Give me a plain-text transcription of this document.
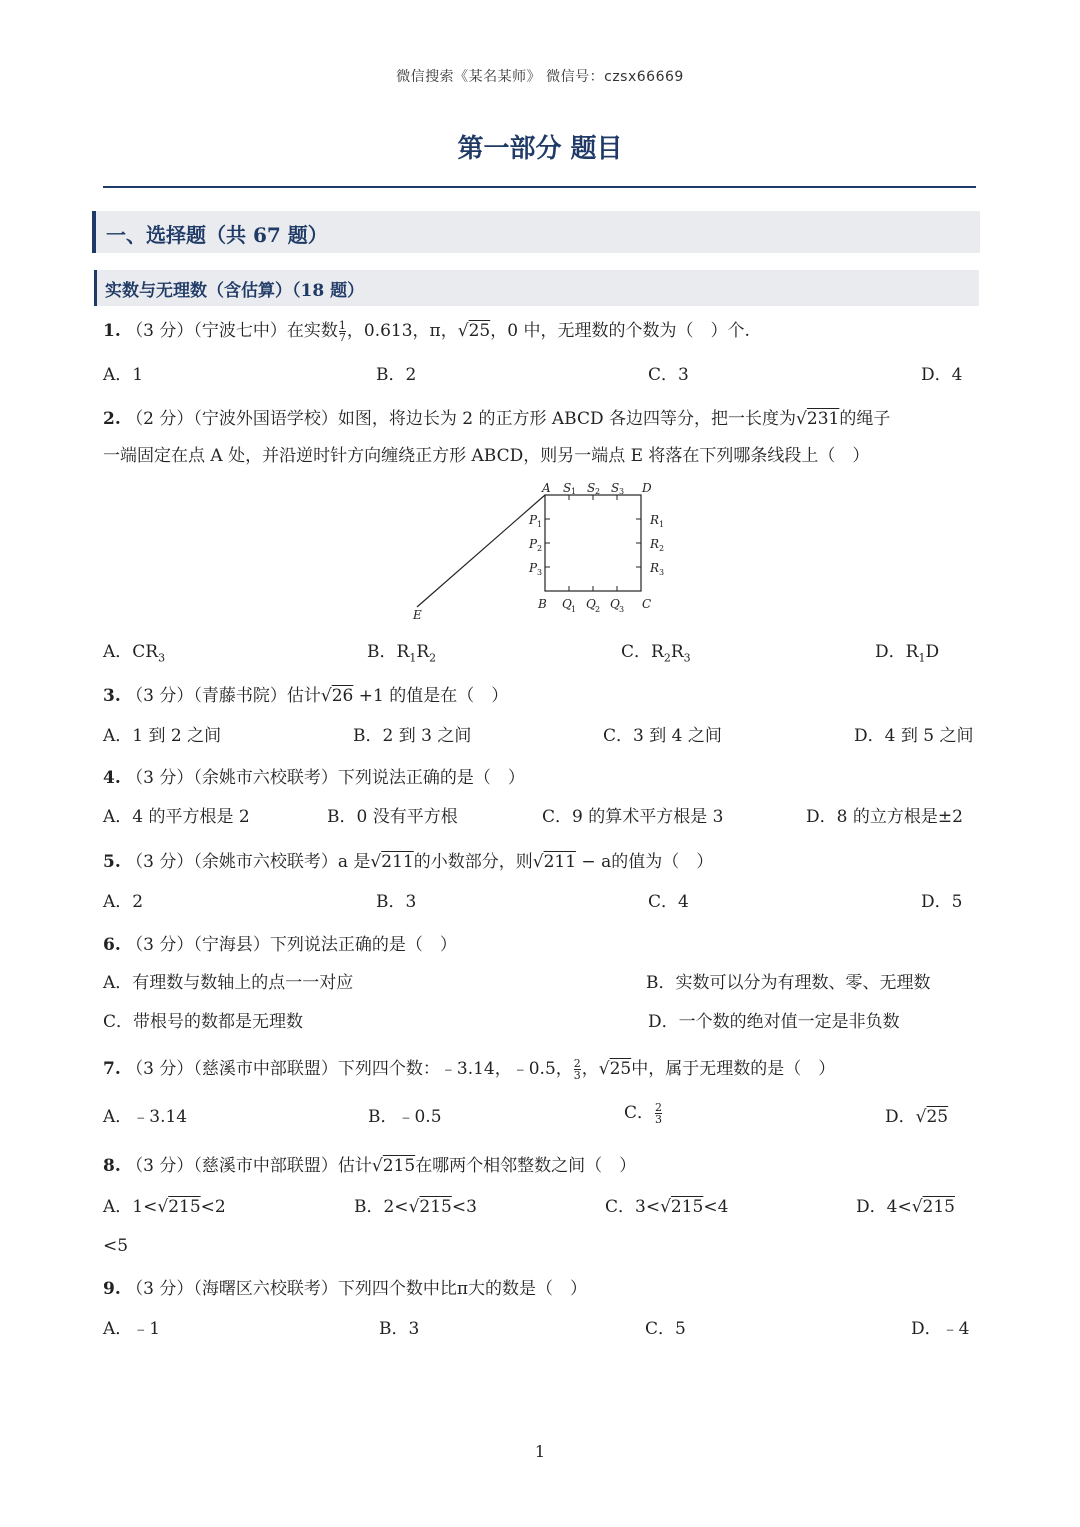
微信搜索《某名某师》 微信号：czsx66669
第一部分 题目
一、选择题（共 67 题）
实数与无理数（含估算）（18 题）
1. （3 分）（宁波七中）在实数 $\frac{1}{7}$ ，0.613，π，√25，0 中，无理数的个数为（　）个.
A．1	B．2	C．3	D．4
2. （2 分）（宁波外国语学校）如图，将边长为 2 的正方形 ABCD 各边四等分，把一长度为√231的绳子
一端固定在点 A 处，并沿逆时针方向缠绕正方形 ABCD，则另一端点 E 将落在下列哪条线段上（　）
A	D
B	C
E
S 1 S 2 S 3
Q 1 Q 2 Q 3
P 1
P 2
P 3
R 1
R 2
R 3
A．$CR_3$	B．$R_1R_2$	C．$R_2R_3$	D．$R_1D$
3. （3 分）（青藤书院）估计√26 +1 的值是在（　）
A．1 到 2 之间	B．2 到 3 之间	C．3 到 4 之间	D．4 到 5 之间
4. （3 分）（余姚市六校联考）下列说法正确的是（　）
A．4 的平方根是 2	B．0 没有平方根	C．9 的算术平方根是 3	D．8 的立方根是±2
5. （3 分）（余姚市六校联考）a 是√211的小数部分，则√211 − a的值为（　）
A．2	B．3	C．4	D．5
6. （3 分）（宁海县）下列说法正确的是（　）
A．有理数与数轴上的点一一对应	B．实数可以分为有理数、零、无理数
C．带根号的数都是无理数	D．一个数的绝对值一定是非负数
7. （3 分）（慈溪市中部联盟）下列四个数：﹣3.14，﹣0.5， $\frac{2}{3}$ ，√25中，属于无理数的是（　）
A．﹣3.14	B．﹣0.5	C． $\frac{2}{3}$	D．√25
8. （3 分）（慈溪市中部联盟）估计√215在哪两个相邻整数之间（　）
A．1<√215<2	B．2<√215<3	C．3<√215<4	D．4<√215
<5
9. （3 分）（海曙区六校联考）下列四个数中比π大的数是（　）
A．﹣1	B．3	C．5	D．﹣4
1
